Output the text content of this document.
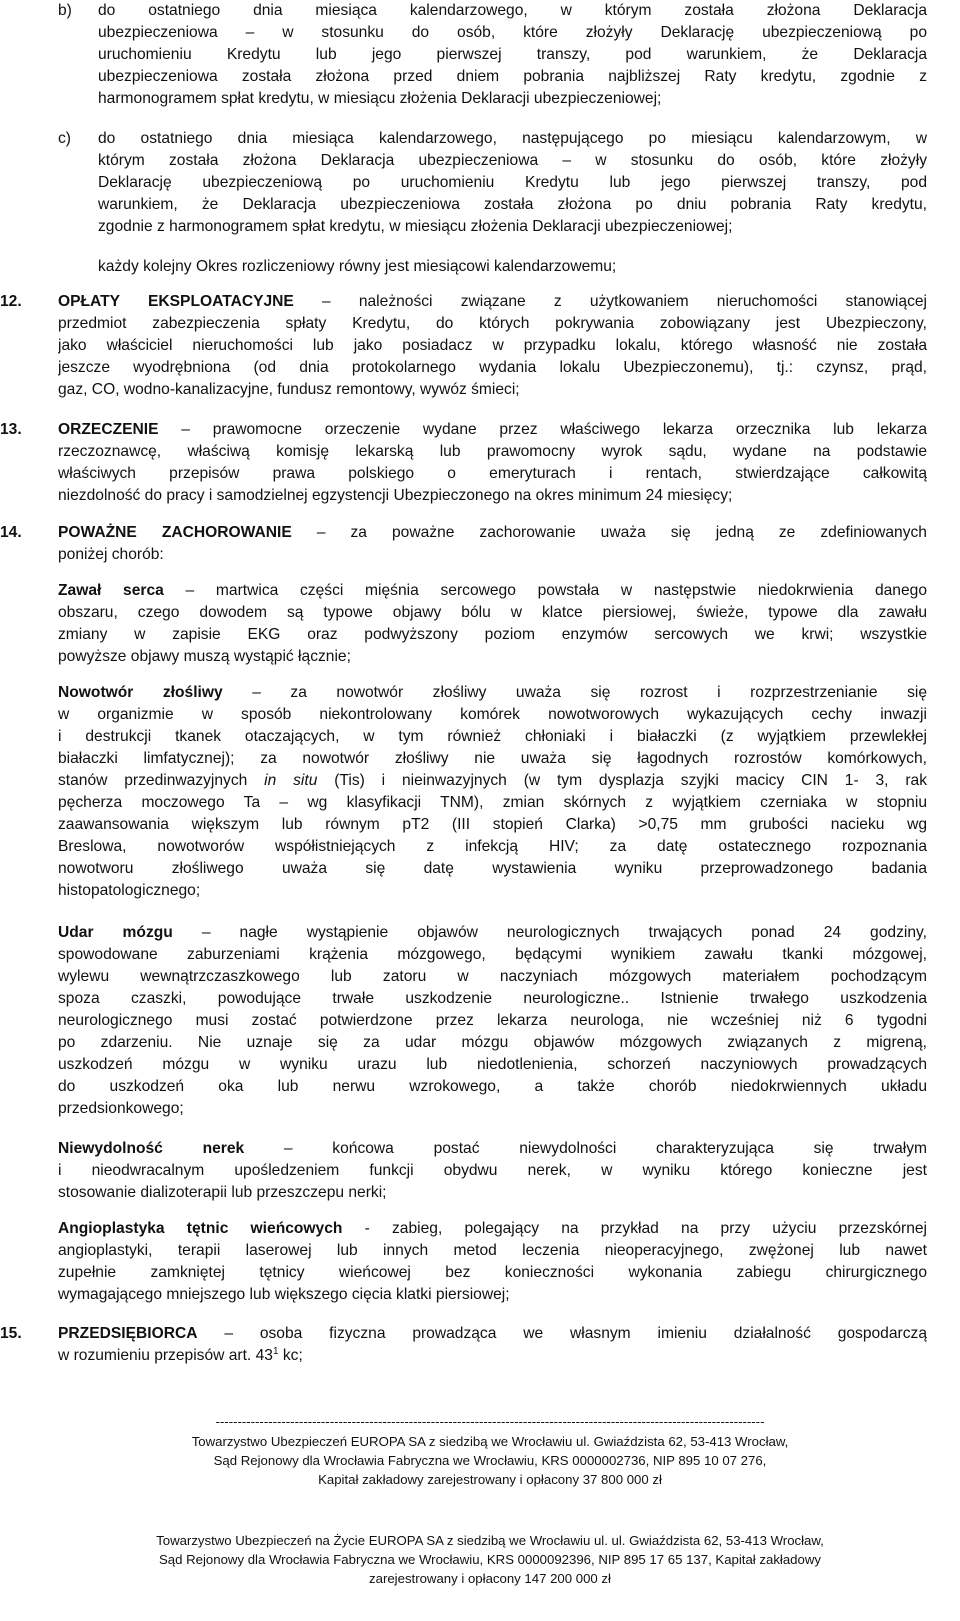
b) do ostatniego dnia miesiąca kalendarzowego, w którym została złożona Deklaracja
ubezpieczeniowa – w stosunku do osób, które złożyły Deklarację ubezpieczeniową po
uruchomieniu Kredytu lub jego pierwszej transzy, pod warunkiem, że Deklaracja
ubezpieczeniowa została złożona przed dniem pobrania najbliższej Raty kredytu, zgodnie z
harmonogramem spłat kredytu, w miesiącu złożenia Deklaracji ubezpieczeniowej;
c) do ostatniego dnia miesiąca kalendarzowego, następującego po miesiącu kalendarzowym, w
którym została złożona Deklaracja ubezpieczeniowa – w stosunku do osób, które złożyły
Deklarację ubezpieczeniową po uruchomieniu Kredytu lub jego pierwszej transzy, pod
warunkiem, że Deklaracja ubezpieczeniowa została złożona po dniu pobrania Raty kredytu,
zgodnie z harmonogramem spłat kredytu, w miesiącu złożenia Deklaracji ubezpieczeniowej;
każdy kolejny Okres rozliczeniowy równy jest miesiącowi kalendarzowemu;
12. OPŁATY EKSPLOATACYJNE – należności związane z użytkowaniem nieruchomości stanowiącej
przedmiot zabezpieczenia spłaty Kredytu, do których pokrywania zobowiązany jest Ubezpieczony,
jako właściciel nieruchomości lub jako posiadacz w przypadku lokalu, którego własność nie została
jeszcze wyodrębniona (od dnia protokolarnego wydania lokalu Ubezpieczonemu), tj.: czynsz, prąd,
gaz, CO, wodno-kanalizacyjne, fundusz remontowy, wywóz śmieci;
13. ORZECZENIE – prawomocne orzeczenie wydane przez właściwego lekarza orzecznika lub lekarza
rzeczoznawcę, właściwą komisję lekarską lub prawomocny wyrok sądu, wydane na podstawie
właściwych przepisów prawa polskiego o emeryturach i rentach, stwierdzające całkowitą
niezdolność do pracy i samodzielnej egzystencji Ubezpieczonego na okres minimum 24 miesięcy;
14. POWAŻNE ZACHOROWANIE – za poważne zachorowanie uważa się jedną ze zdefiniowanych
poniżej chorób:
Zawał serca – martwica części mięśnia sercowego powstała w następstwie niedokrwienia danego
obszaru, czego dowodem są typowe objawy bólu w klatce piersiowej, świeże, typowe dla zawału
zmiany w zapisie EKG oraz podwyższony poziom enzymów sercowych we krwi; wszystkie
powyższe objawy muszą wystąpić łącznie;
Nowotwór złośliwy – za nowotwór złośliwy uważa się rozrost i rozprzestrzenianie się
w organizmie w sposób niekontrolowany komórek nowotworowych wykazujących cechy inwazji
i destrukcji tkanek otaczających, w tym również chłoniaki i białaczki (z wyjątkiem przewlekłej
białaczki limfatycznej); za nowotwór złośliwy nie uważa się łagodnych rozrostów komórkowych,
stanów przedinwazyjnych in situ (Tis) i nieinwazyjnych (w tym dysplazja szyjki macicy CIN 1- 3, rak
pęcherza moczowego Ta – wg klasyfikacji TNM), zmian skórnych z wyjątkiem czerniaka w stopniu
zaawansowania większym lub równym pT2 (III stopień Clarka) >0,75 mm grubości nacieku wg
Breslowa, nowotworów współistniejących z infekcją HIV; za datę ostatecznego rozpoznania
nowotworu złośliwego uważa się datę wystawienia wyniku przeprowadzonego badania
histopatologicznego;
Udar mózgu – nagłe wystąpienie objawów neurologicznych trwających ponad 24 godziny,
spowodowane zaburzeniami krążenia mózgowego, będącymi wynikiem zawału tkanki mózgowej,
wylewu wewnątrzczaszkowego lub zatoru w naczyniach mózgowych materiałem pochodzącym
spoza czaszki, powodujące trwałe uszkodzenie neurologiczne.. Istnienie trwałego uszkodzenia
neurologicznego musi zostać potwierdzone przez lekarza neurologa, nie wcześniej niż 6 tygodni
po zdarzeniu. Nie uznaje się za udar mózgu objawów mózgowych związanych z migreną,
uszkodzeń mózgu w wyniku urazu lub niedotlenienia, schorzeń naczyniowych prowadzących
do uszkodzeń oka lub nerwu wzrokowego, a także chorób niedokrwiennych układu
przedsionkowego;
Niewydolność nerek – końcowa postać niewydolności charakteryzująca się trwałym
i nieodwracalnym upośledzeniem funkcji obydwu nerek, w wyniku którego konieczne jest
stosowanie dializoterapii lub przeszczepu nerki;
Angioplastyka tętnic wieńcowych - zabieg, polegający na przykład na przy użyciu przezskórnej
angioplastyki, terapii laserowej lub innych metod leczenia nieoperacyjnego, zwężonej lub nawet
zupełnie zamkniętej tętnicy wieńcowej bez konieczności wykonania zabiegu chirurgicznego
wymagającego mniejszego lub większego cięcia klatki piersiowej;
15. PRZEDSIĘBIORCA – osoba fizyczna prowadząca we własnym imieniu działalność gospodarczą
w rozumieniu przepisów art. $43^1$ kc;
-----------------------------------------------------------------------------------------------------------------------------
Towarzystwo Ubezpieczeń EUROPA SA z siedzibą we Wrocławiu ul. Gwiaździsta 62, 53-413 Wrocław,
Sąd Rejonowy dla Wrocławia Fabryczna we Wrocławiu, KRS 0000002736, NIP 895 10 07 276,
Kapitał zakładowy zarejestrowany i opłacony 37 800 000 zł
Towarzystwo Ubezpieczeń na Życie EUROPA SA z siedzibą we Wrocławiu ul. ul. Gwiaździsta 62, 53-413 Wrocław,
Sąd Rejonowy dla Wrocławia Fabryczna we Wrocławiu, KRS 0000092396, NIP 895 17 65 137, Kapitał zakładowy
zarejestrowany i opłacony 147 200 000 zł
